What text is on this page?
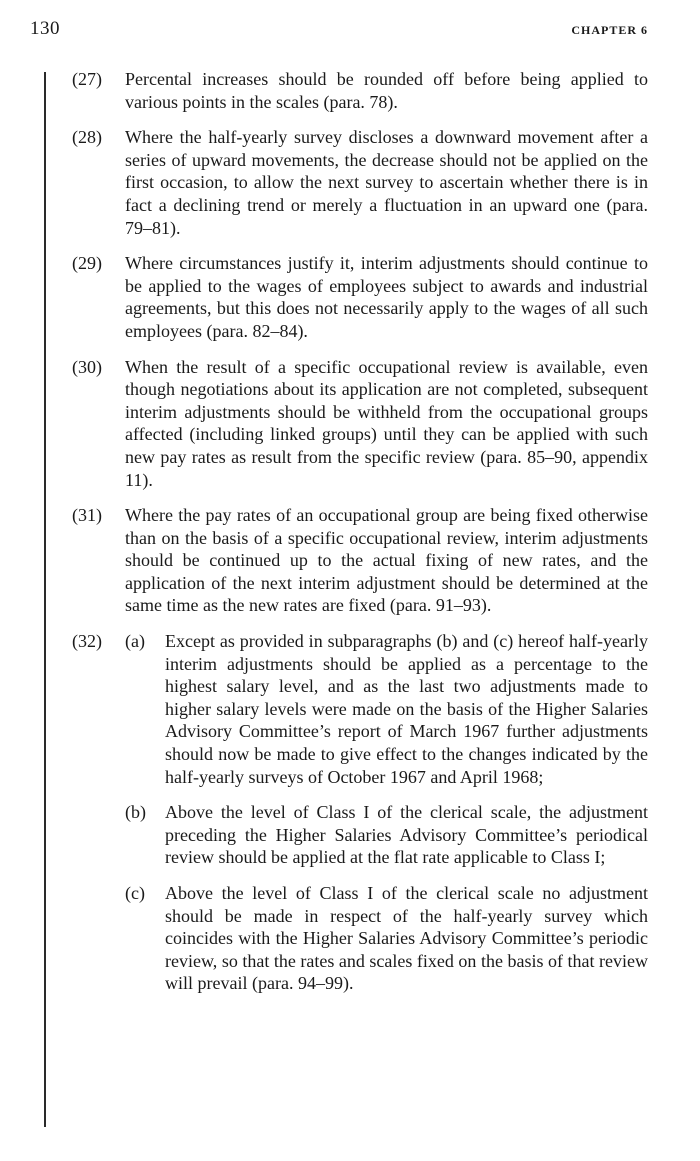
130	CHAPTER 6
(27) Percental increases should be rounded off before being applied to various points in the scales (para. 78).

(28) Where the half-yearly survey discloses a downward movement after a series of upward movements, the decrease should not be applied on the first occasion, to allow the next survey to ascertain whether there is in fact a declining trend or merely a fluctuation in an upward one (para. 79–81).

(29) Where circumstances justify it, interim adjustments should continue to be applied to the wages of employees subject to awards and industrial agreements, but this does not necessarily apply to the wages of all such employees (para. 82–84).

(30) When the result of a specific occupational review is available, even though negotiations about its application are not completed, subsequent interim adjustments should be withheld from the occupational groups affected (including linked groups) until they can be applied with such new pay rates as result from the specific review (para. 85–90, appendix 11).

(31) Where the pay rates of an occupational group are being fixed otherwise than on the basis of a specific occupational review, interim adjustments should be continued up to the actual fixing of new rates, and the application of the next interim adjustment should be determined at the same time as the new rates are fixed (para. 91–93).

(32) (a) Except as provided in subparagraphs (b) and (c) hereof half-yearly interim adjustments should be applied as a percentage to the highest salary level, and as the last two adjustments made to higher salary levels were made on the basis of the Higher Salaries Advisory Committee’s report of March 1967 further adjustments should now be made to give effect to the changes indicated by the half-yearly surveys of October 1967 and April 1968;

(b) Above the level of Class I of the clerical scale, the adjustment preceding the Higher Salaries Advisory Committee’s periodical review should be applied at the flat rate applicable to Class I;

(c) Above the level of Class I of the clerical scale no adjustment should be made in respect of the half-yearly survey which coincides with the Higher Salaries Advisory Committee’s periodic review, so that the rates and scales fixed on the basis of that review will prevail (para. 94–99).
